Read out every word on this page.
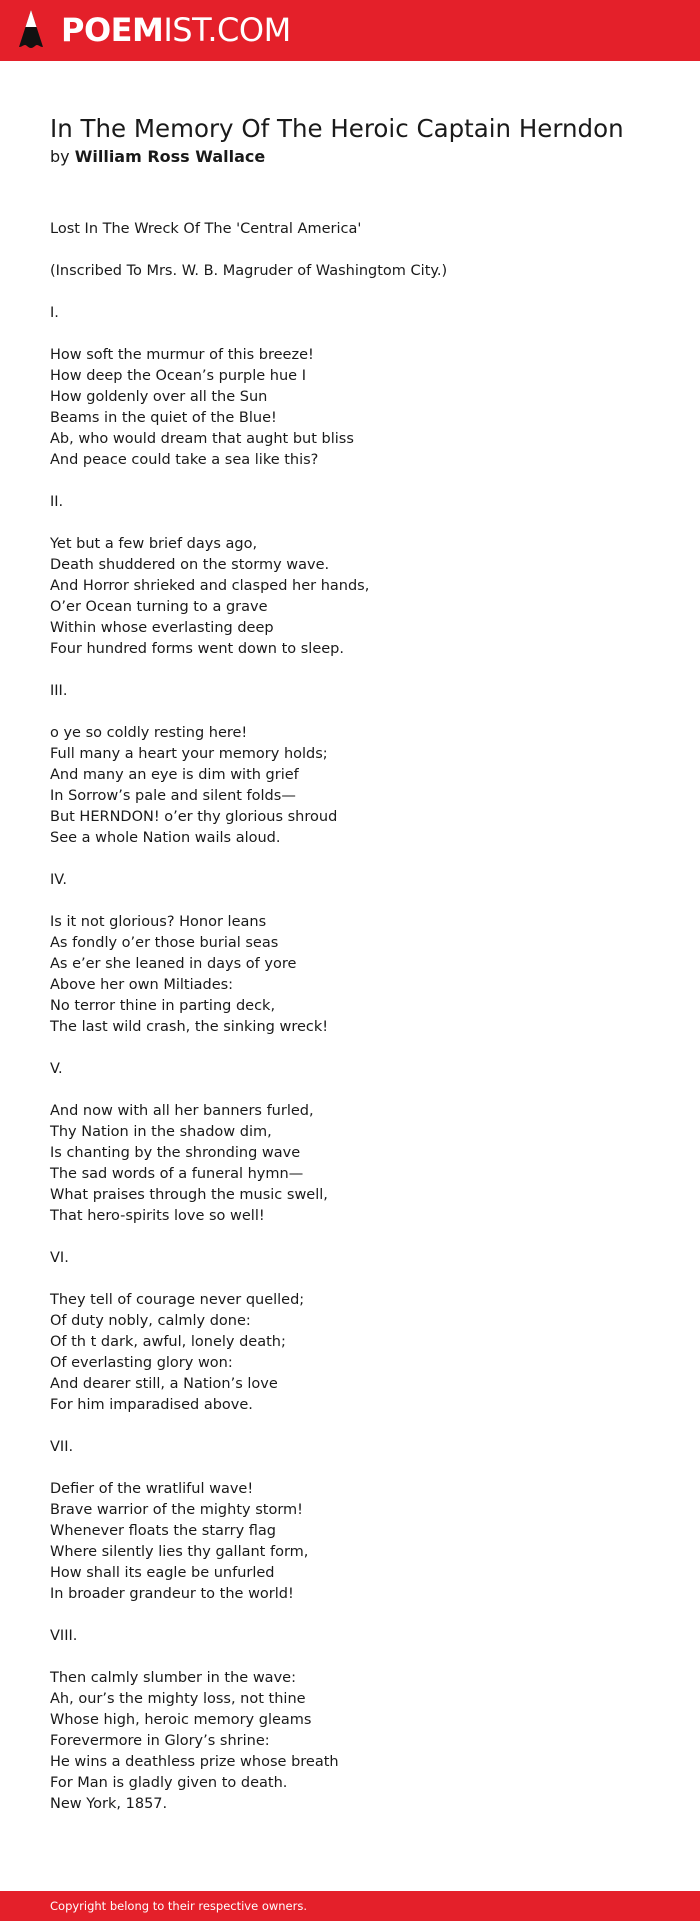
POEMIST.COM
In The Memory Of The Heroic Captain Herndon
by William Ross Wallace
Lost In The Wreck Of The 'Central America'
(Inscribed To Mrs. W. B. Magruder of Washingtom City.)
I.
How soft the murmur of this breeze!
How deep the Ocean’s purple hue I
How goldenly over all the Sun
Beams in the quiet of the Blue!
Ab, who would dream that aught but bliss
And peace could take a sea like this?
II.
Yet but a few brief days ago,
Death shuddered on the stormy wave.
And Horror shrieked and clasped her hands,
O’er Ocean turning to a grave
Within whose everlasting deep
Four hundred forms went down to sleep.
III.
o ye so coldly resting here!
Full many a heart your memory holds;
And many an eye is dim with grief
In Sorrow’s pale and silent folds—
But HERNDON! o’er thy glorious shroud
See a whole Nation wails aloud.
IV.
Is it not glorious? Honor leans
As fondly o’er those burial seas
As e’er she leaned in days of yore
Above her own Miltiades:
No terror thine in parting deck,
The last wild crash, the sinking wreck!
V.
And now with all her banners furled,
Thy Nation in the shadow dim,
Is chanting by the shronding wave
The sad words of a funeral hymn—
What praises through the music swell,
That hero-spirits love so well!
VI.
They tell of courage never quelled;
Of duty nobly, calmly done:
Of th t dark, awful, lonely death;
Of everlasting glory won:
And dearer still, a Nation’s love
For him imparadised above.
VII.
Defier of the wratliful wave!
Brave warrior of the mighty storm!
Whenever floats the starry flag
Where silently lies thy gallant form,
How shall its eagle be unfurled
In broader grandeur to the world!
VIII.
Then calmly slumber in the wave:
Ah, our’s the mighty loss, not thine
Whose high, heroic memory gleams
Forevermore in Glory’s shrine:
He wins a deathless prize whose breath
For Man is gladly given to death.
New York, 1857.
Copyright belong to their respective owners.
